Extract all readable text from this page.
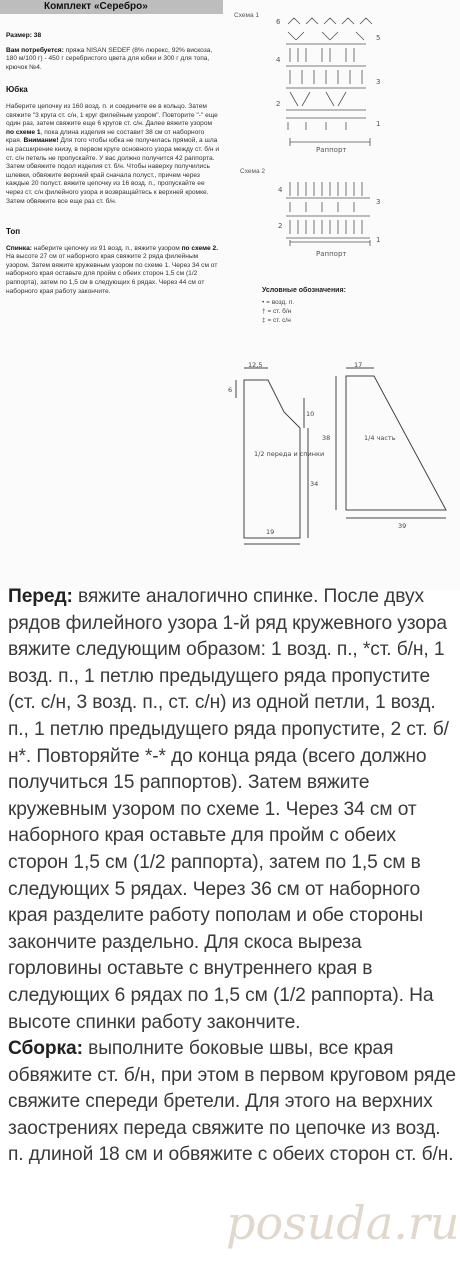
Комплект «Серебро»

Размер: 38

Вам потребуется: пряжа NISAN SEDEF (8% люрекс, 92% вискоза, 180 м/100 г) - 450 г серебристого цвета для юбки и 300 г для топа, крючок №4.

Юбка

Наберите цепочку из 160 возд. п. и соедините ее в кольцо. Затем свяжите "3 круга ст. с/н, 1 круг филейным узором". Повторите "-" еще один раз, затем свяжите еще 6 кругов ст. с/н. Далее вяжите узором по схеме 1, пока длина изделия не составит 38 см от наборного края. Внимание! Для того чтобы юбка не получилась прямой, а шла на расширение книзу, в первом круге основного узора между ст. б/н и ст. с/н петель не пропускайте. У вас должно получится 42 раппорта. Затем обвяжите подол изделия ст. б/н. Чтобы наверху получились шлевки, обвяжите верхний край сначала полуст., причем через каждые 20 полуст. вяжите цепочку из 16 возд. п., пропускайте ее через ст. с/н филейного узора и возвращайтесь к верхней кромке. Затем обвяжите все еще раз ст. б/н.

Топ

Спинка: наберите цепочку из 91 возд. п., вяжите узором по схеме 2. На высоте 27 см от наборного края свяжите 2 ряда филейным узором. Затем вяжите кружевным узором по схеме 1. Через 34 см от наборного края оставьте для пройм с обеих сторон 1,5 см (1/2 раппорта), затем по 1,5 см в следующих 6 рядах. Через 44 см от наборного края работу закончите.

Схема 1
6
5
4
3
2
1
Раппорт
Схема 2
4
3
2
1
Раппорт
Условные обозначения:
• = возд. п.
† = ст. б/н
‡ = ст. с/н
12,5
6
10
1/2 переда и спинки
34
19
17
38	1/4 часть
39

Перед: вяжите аналогично спинке. После двух рядов филейного узора 1-й ряд кружевного узора вяжите следующим образом: 1 возд. п., *ст. б/н, 1 возд. п., 1 петлю предыдущего ряда пропустите (ст. с/н, 3 возд. п., ст. с/н) из одной петли, 1 возд. п., 1 петлю предыдущего ряда пропустите, 2 ст. б/н*. Повторяйте *-* до конца ряда (всего должно получиться 15 раппортов). Затем вяжите кружевным узором по схеме 1. Через 34 см от наборного края оставьте для пройм с обеих сторон 1,5 см (1/2 раппорта), затем по 1,5 см в следующих 5 рядах. Через 36 см от наборного края разделите работу пополам и обе стороны закончите раздельно. Для скоса выреза горловины оставьте с внутреннего края в следующих 6 рядах по 1,5 см (1/2 раппорта). На высоте спинки работу закончите.

Сборка: выполните боковые швы, все края обвяжите ст. б/н, при этом в первом круговом ряде свяжите спереди бретели. Для этого на верхних заострениях переда свяжите по цепочке из возд. п. длиной 18 см и обвяжите с обеих сторон ст. б/н.

posuda.ru
